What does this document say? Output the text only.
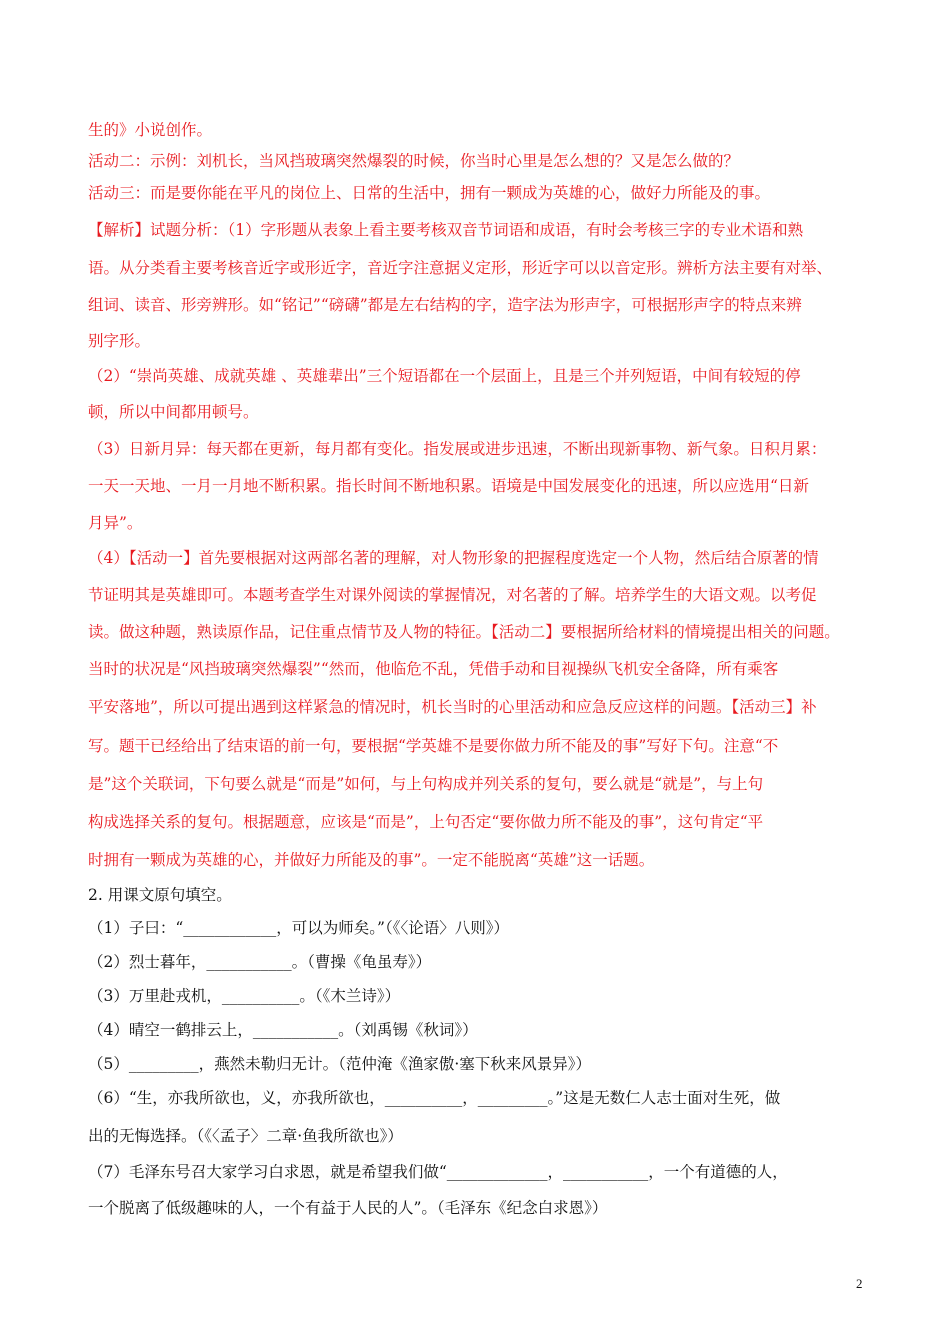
生的》小说创作。
活动二：示例：刘机长，当风挡玻璃突然爆裂的时候，你当时心里是怎么想的？又是怎么做的？
活动三：而是要你能在平凡的岗位上、日常的生活中，拥有一颗成为英雄的心，做好力所能及的事。
【解析】试题分析：（1）字形题从表象上看主要考核双音节词语和成语，有时会考核三字的专业术语和熟
语。从分类看主要考核音近字或形近字，音近字注意据义定形，形近字可以以音定形。辨析方法主要有对举、
组词、读音、形旁辨形。如“铭记”“磅礴”都是左右结构的字，造字法为形声字，可根据形声字的特点来辨
别字形。
（2）“崇尚英雄、成就英雄 、英雄辈出”三个短语都在一个层面上，且是三个并列短语，中间有较短的停
顿，所以中间都用顿号。
（3）日新月异：每天都在更新，每月都有变化。指发展或进步迅速，不断出现新事物、新气象。日积月累：
一天一天地、一月一月地不断积累。指长时间不断地积累。语境是中国发展变化的迅速，所以应选用“日新
月异”。
（4）【活动一】首先要根据对这两部名著的理解，对人物形象的把握程度选定一个人物，然后结合原著的情
节证明其是英雄即可。本题考查学生对课外阅读的掌握情况，对名著的了解。培养学生的大语文观。以考促
读。做这种题，熟读原作品，记住重点情节及人物的特征。【活动二】要根据所给材料的情境提出相关的问题。
当时的状况是“风挡玻璃突然爆裂”“然而，他临危不乱，凭借手动和目视操纵飞机安全备降，所有乘客
平安落地”，所以可提出遇到这样紧急的情况时，机长当时的心里活动和应急反应这样的问题。【活动三】补
写。题干已经给出了结束语的前一句，要根据“学英雄不是要你做力所不能及的事”写好下句。注意“不
是”这个关联词，下句要么就是“而是”如何，与上句构成并列关系的复句，要么就是“就是”，与上句
构成选择关系的复句。根据题意，应该是“而是”，上句否定“要你做力所不能及的事”，这句肯定“平
时拥有一颗成为英雄的心，并做好力所能及的事”。一定不能脱离“英雄”这一话题。
2. 用课文原句填空。
（1）子曰：“____________，可以为师矣。”（《〈论语〉八则》）
（2）烈士暮年，___________。（曹操《龟虽寿》）
（3）万里赴戎机，__________。（《木兰诗》）
（4）晴空一鹤排云上，___________。（刘禹锡《秋词》）
（5）_________，燕然未勒归无计。（范仲淹《渔家傲·塞下秋来风景异》）
（6）“生，亦我所欲也，义，亦我所欲也，__________，_________。”这是无数仁人志士面对生死，做
出的无悔选择。（《〈孟子〉二章·鱼我所欲也》）
（7）毛泽东号召大家学习白求恩，就是希望我们做“_____________，___________，一个有道德的人，
一个脱离了低级趣味的人，一个有益于人民的人”。（毛泽东《纪念白求恩》）
2
